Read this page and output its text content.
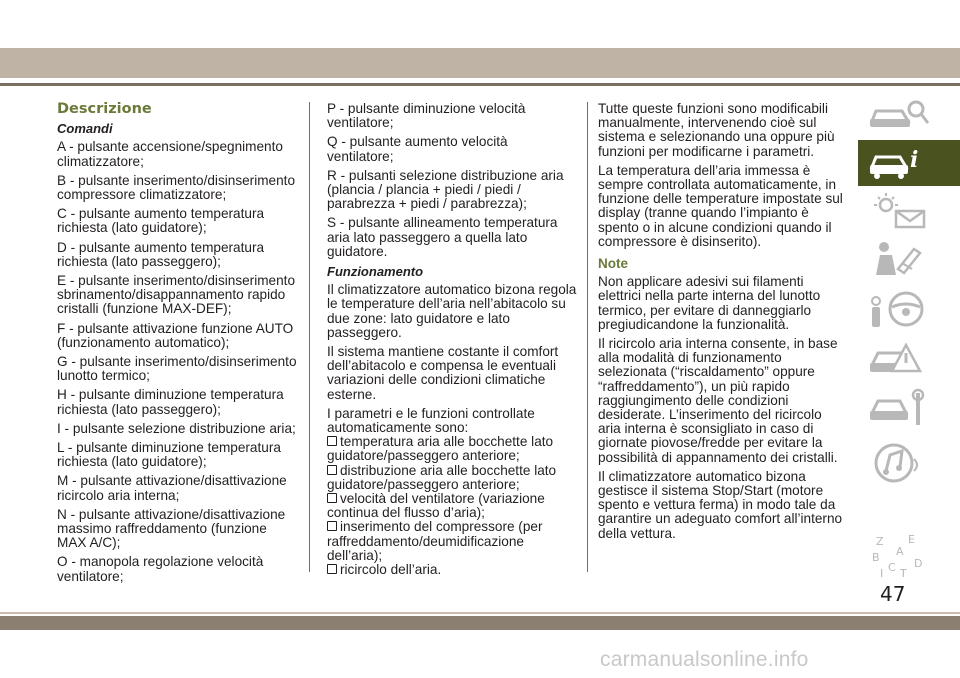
Descrizione
Comandi

A - pulsante accensione/spegnimento climatizzatore;

B - pulsante inserimento/disinserimento compressore climatizzatore;

C - pulsante aumento temperatura richiesta (lato guidatore);

D - pulsante aumento temperatura richiesta (lato passeggero);

E - pulsante inserimento/disinserimento sbrinamento/disappannamento rapido cristalli (funzione MAX-DEF);

F - pulsante attivazione funzione AUTO (funzionamento automatico);

G - pulsante inserimento/disinserimento lunotto termico;

H - pulsante diminuzione temperatura richiesta (lato passeggero);

I - pulsante selezione distribuzione aria;

L - pulsante diminuzione temperatura richiesta (lato guidatore);

M - pulsante attivazione/disattivazione ricircolo aria interna;

N - pulsante attivazione/disattivazione massimo raffreddamento (funzione MAX A/C);

O - manopola regolazione velocità ventilatore;

P - pulsante diminuzione velocità ventilatore;

Q - pulsante aumento velocità ventilatore;

R - pulsanti selezione distribuzione aria (plancia / plancia + piedi / piedi / parabrezza + piedi / parabrezza);

S - pulsante allineamento temperatura aria lato passeggero a quella lato guidatore.

Funzionamento

Il climatizzatore automatico bizona regola le temperature dell’aria nell’abitacolo su due zone: lato guidatore e lato passeggero.

Il sistema mantiene costante il comfort dell’abitacolo e compensa le eventuali variazioni delle condizioni climatiche esterne.

I parametri e le funzioni controllate automaticamente sono:

temperatura aria alle bocchette lato guidatore/passeggero anteriore;
distribuzione aria alle bocchette lato guidatore/passeggero anteriore;
velocità del ventilatore (variazione continua del flusso d’aria);
inserimento del compressore (per raffreddamento/deumidificazione dell’aria);
ricircolo dell’aria.

Tutte queste funzioni sono modificabili manualmente, intervenendo cioè sul sistema e selezionando una oppure più funzioni per modificarne i parametri.

La temperatura dell’aria immessa è sempre controllata automaticamente, in funzione delle temperature impostate sul display (tranne quando l’impianto è spento o in alcune condizioni quando il compressore è disinserito).

Note

Non applicare adesivi sui filamenti elettrici nella parte interna del lunotto termico, per evitare di danneggiarlo pregiudicandone la funzionalità.

Il ricircolo aria interna consente, in base alla modalità di funzionamento selezionata (“riscaldamento” oppure “raffreddamento”), un più rapido raggiungimento delle condizioni desiderate. L’inserimento del ricircolo aria interna è sconsigliato in caso di giornate piovose/fredde per evitare la possibilità di appannamento dei cristalli.

Il climatizzatore automatico bizona gestisce il sistema Stop/Start (motore spento e vettura ferma) in modo tale da garantire un adeguato comfort all’interno della vettura.

i
Z E
A
B
C D
I T
47
carmanualsonline.info
